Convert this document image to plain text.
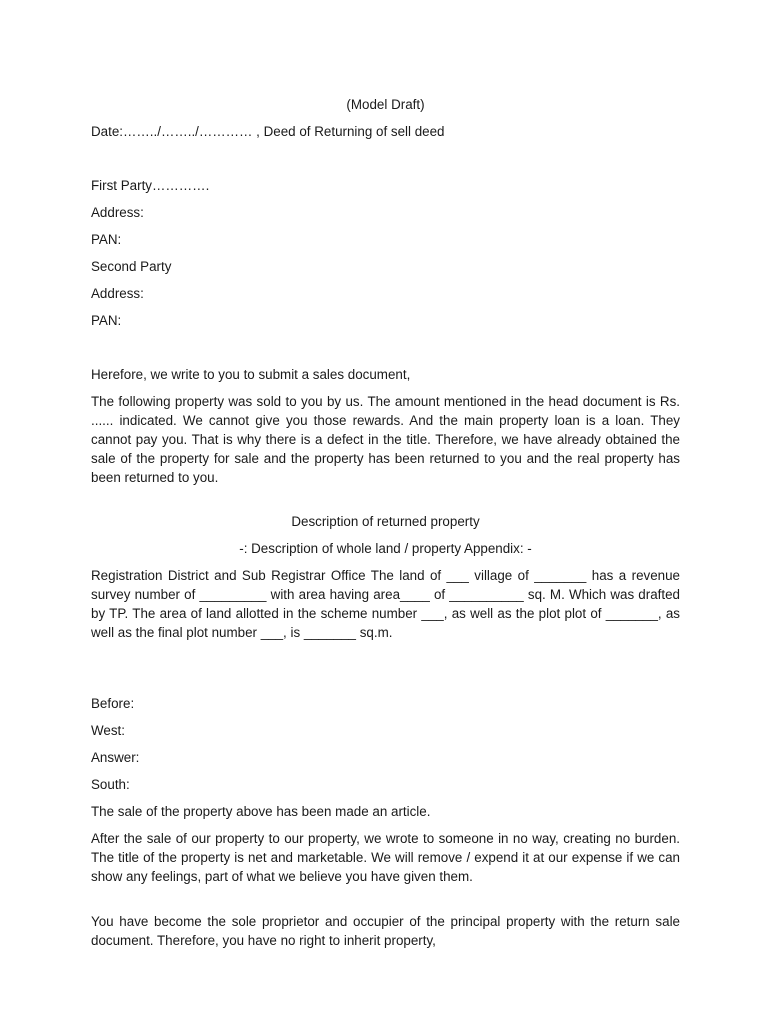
(Model Draft)
Date:……../……../………… , Deed of Returning of sell deed
First Party………….
Address:
PAN:
Second Party
Address:
PAN:
Herefore, we write to you to submit a sales document,
The following property was sold to you by us. The amount mentioned in the head document is Rs. ...... indicated. We cannot give you those rewards. And the main property loan is a loan. They cannot pay you. That is why there is a defect in the title. Therefore, we have already obtained the sale of the property for sale and the property has been returned to you and the real property has been returned to you.
Description of returned property
-: Description of whole land / property Appendix: -
Registration District and Sub Registrar Office The land of ___ village of _______ has a revenue survey number of _________ with area having area____ of __________ sq. M. Which was drafted by TP. The area of land allotted in the scheme number ___, as well as the plot plot of _______, as well as the final plot number ___, is _______ sq.m.
Before:
West:
Answer:
South:
The sale of the property above has been made an article.
After the sale of our property to our property, we wrote to someone in no way, creating no burden. The title of the property is net and marketable. We will remove / expend it at our expense if we can show any feelings, part of what we believe you have given them.
You have become the sole proprietor and occupier of the principal property with the return sale document. Therefore, you have no right to inherit property,
